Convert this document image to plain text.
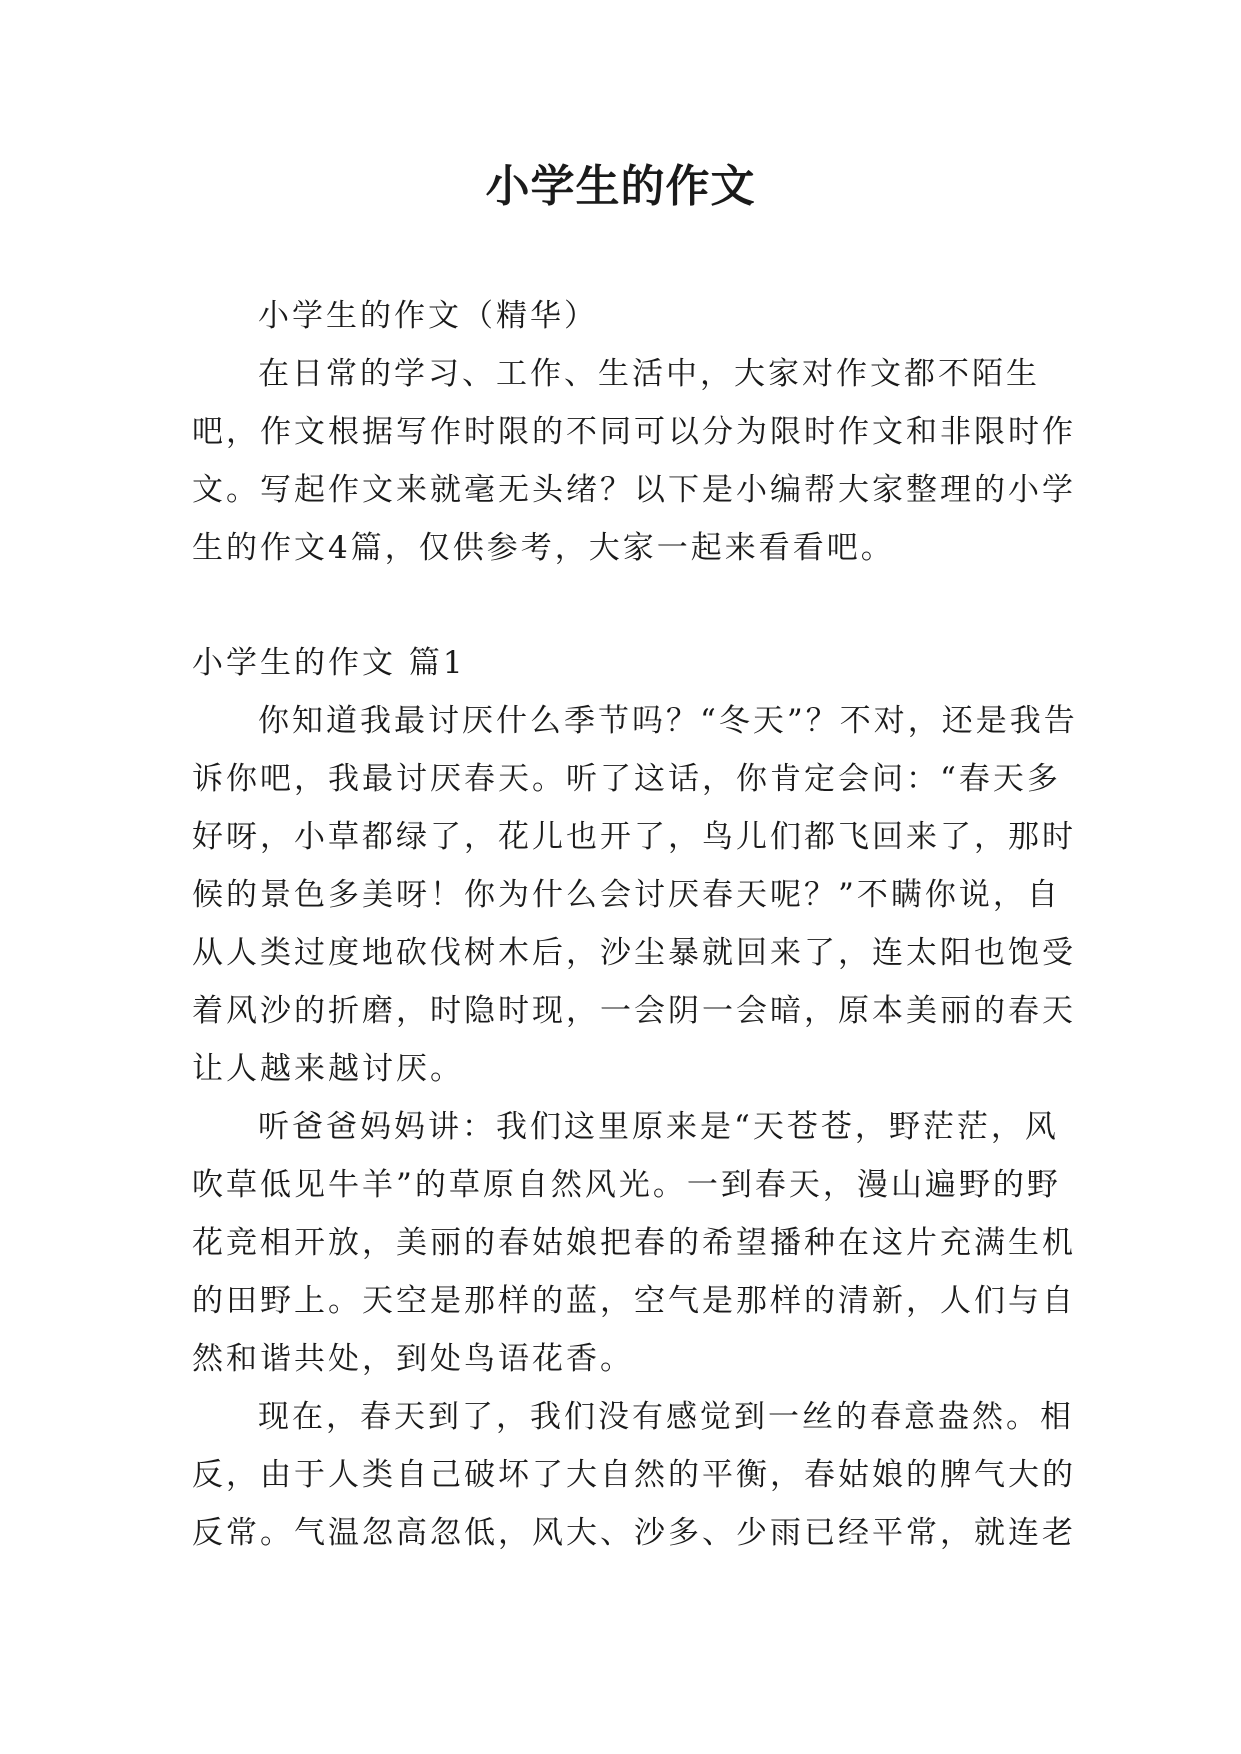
小学生的作文

小学生的作文（精华）

在日常的学习、工作、生活中，大家对作文都不陌生吧，作文根据写作时限的不同可以分为限时作文和非限时作文。写起作文来就毫无头绪？以下是小编帮大家整理的小学生的作文4篇，仅供参考，大家一起来看看吧。

小学生的作文 篇1

你知道我最讨厌什么季节吗？“冬天”？不对，还是我告诉你吧，我最讨厌春天。听了这话，你肯定会问：“春天多好呀，小草都绿了，花儿也开了，鸟儿们都飞回来了，那时候的景色多美呀！你为什么会讨厌春天呢？”不瞒你说，自从人类过度地砍伐树木后，沙尘暴就回来了，连太阳也饱受着风沙的折磨，时隐时现，一会阴一会暗，原本美丽的春天让人越来越讨厌。

听爸爸妈妈讲：我们这里原来是“天苍苍，野茫茫，风吹草低见牛羊”的草原自然风光。一到春天，漫山遍野的野花竞相开放，美丽的春姑娘把春的希望播种在这片充满生机的田野上。天空是那样的蓝，空气是那样的清新，人们与自然和谐共处，到处鸟语花香。

现在，春天到了，我们没有感觉到一丝的春意盎然。相反，由于人类自己破坏了大自然的平衡，春姑娘的脾气大的反常。气温忽高忽低，风大、沙多、少雨已经平常，就连老
